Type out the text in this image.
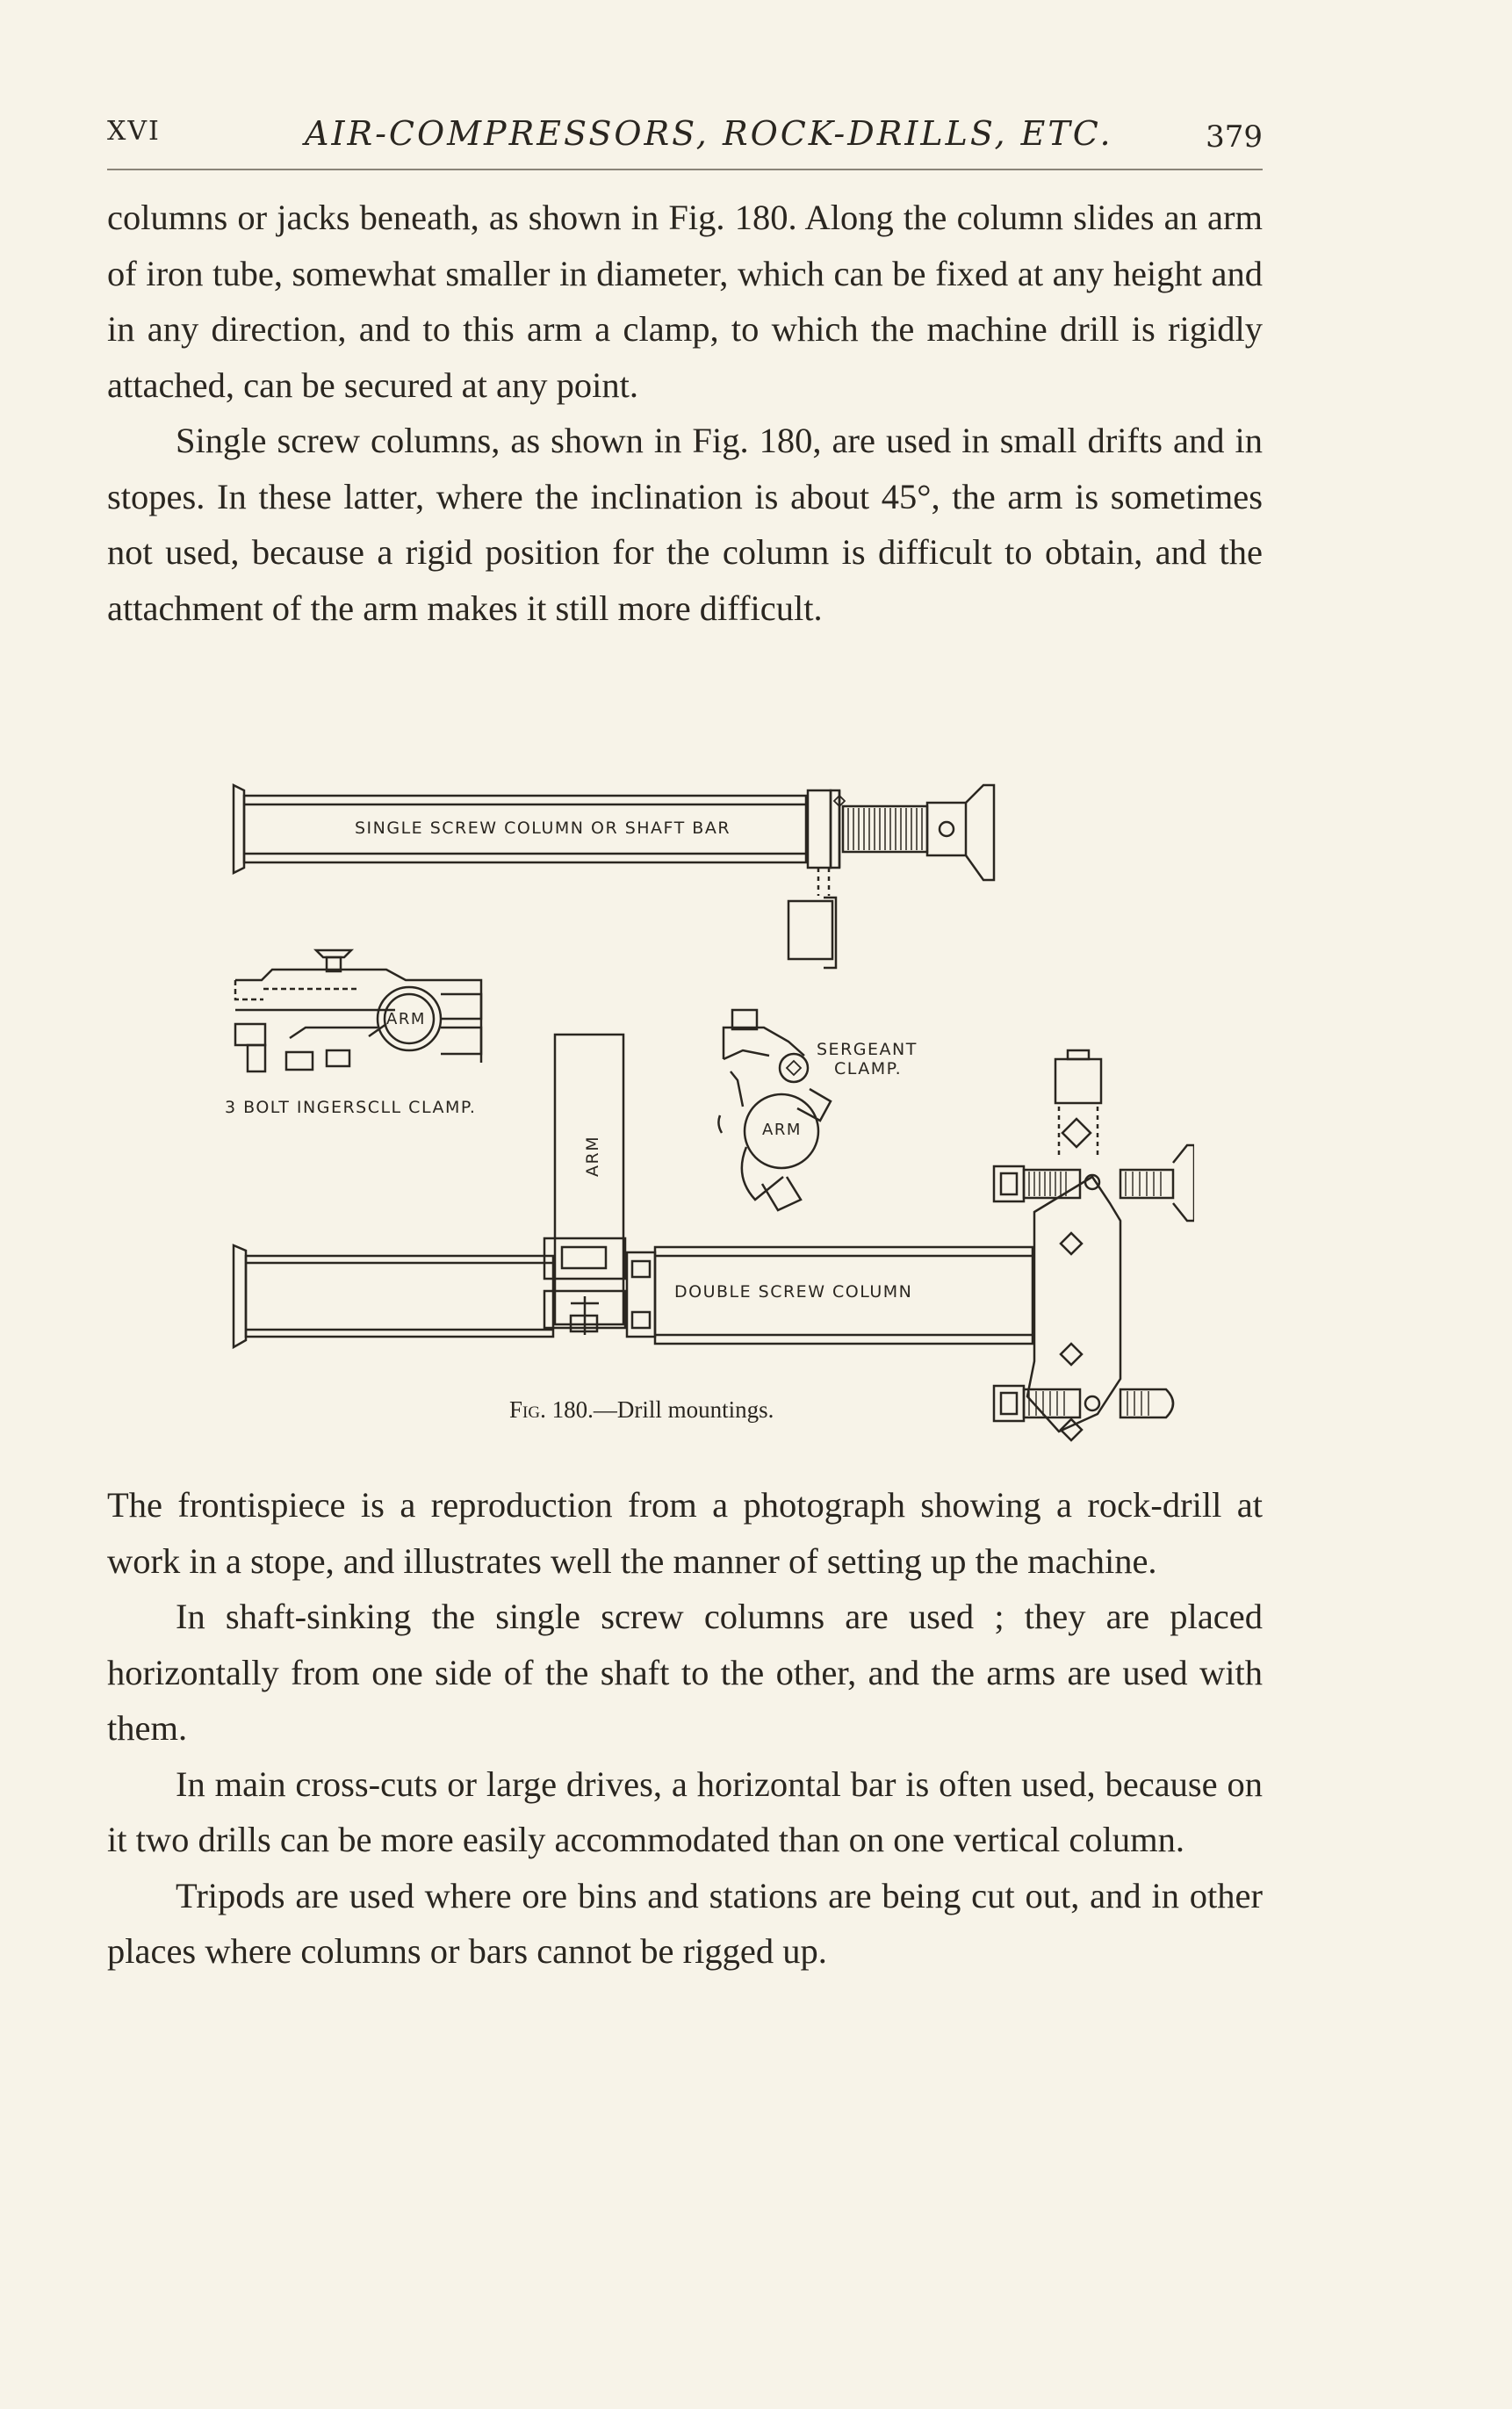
XVI	AIR-COMPRESSORS, ROCK-DRILLS, ETC.	379

columns or jacks beneath, as shown in Fig. 180. Along the column slides an arm of iron tube, somewhat smaller in diameter, which can be fixed at any height and in any direction, and to this arm a clamp, to which the machine drill is rigidly attached, can be secured at any point.

Single screw columns, as shown in Fig. 180, are used in small drifts and in stopes. In these latter, where the inclination is about 45°, the arm is sometimes not used, because a rigid position for the column is difficult to obtain, and the attachment of the arm makes it still more difficult.

SINGLE SCREW COLUMN OR SHAFT BAR
ARM
3 BOLT INGERSCLL CLAMP.
ARM
SERGEANT
CLAMP.
ARM
DOUBLE SCREW COLUMN
Fig. 180.—Drill mountings.

The frontispiece is a reproduction from a photograph showing a rock-drill at work in a stope, and illustrates well the manner of setting up the machine.

In shaft-sinking the single screw columns are used ; they are placed horizontally from one side of the shaft to the other, and the arms are used with them.

In main cross-cuts or large drives, a horizontal bar is often used, because on it two drills can be more easily accommodated than on one vertical column.

Tripods are used where ore bins and stations are being cut out, and in other places where columns or bars cannot be rigged up.
